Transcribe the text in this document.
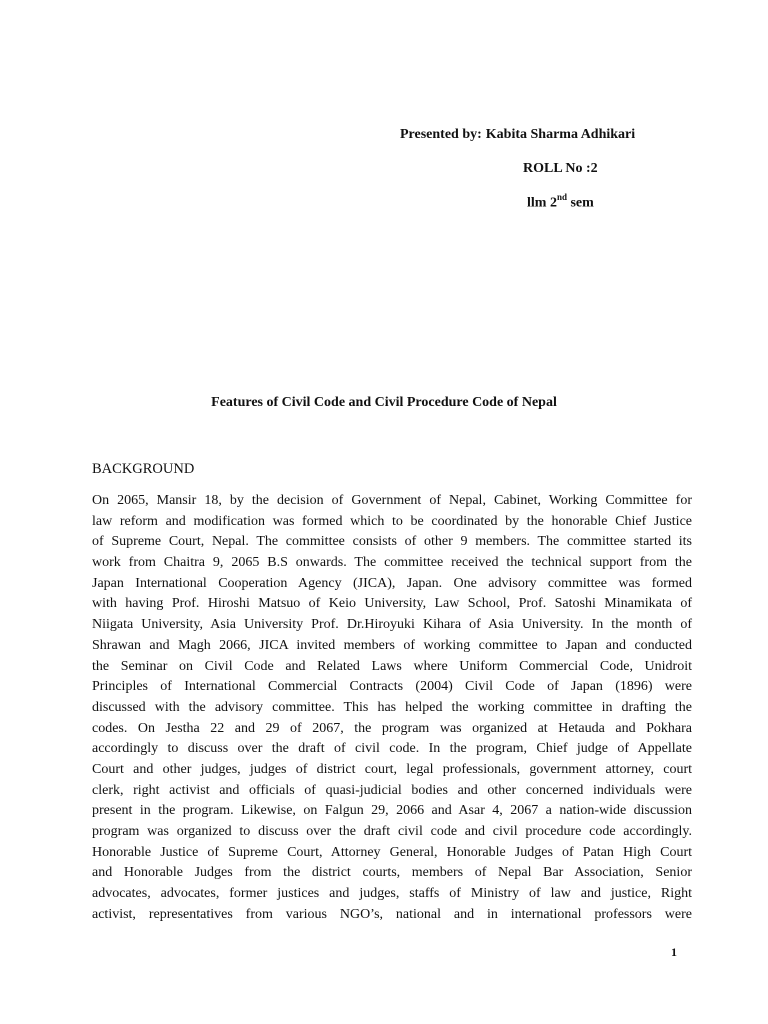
Presented by: Kabita Sharma Adhikari
ROLL No :2
llm 2nd sem
Features of Civil Code and Civil Procedure Code of Nepal
BACKGROUND
On 2065, Mansir 18, by the decision of Government of Nepal, Cabinet, Working Committee for
law reform and modification was formed which to be coordinated by the honorable Chief Justice
of Supreme Court, Nepal. The committee consists of other 9 members. The committee started its
work from Chaitra 9, 2065 B.S onwards. The committee received the technical support from the
Japan International Cooperation Agency (JICA), Japan. One advisory committee was formed
with having Prof. Hiroshi Matsuo of Keio University, Law School, Prof. Satoshi Minamikata of
Niigata University, Asia University Prof. Dr.Hiroyuki Kihara of Asia University. In the month of
Shrawan and Magh 2066, JICA invited members of working committee to Japan and conducted
the Seminar on Civil Code and Related Laws where Uniform Commercial Code, Unidroit
Principles of International Commercial Contracts (2004) Civil Code of Japan (1896) were
discussed with the advisory committee. This has helped the working committee in drafting the
codes. On Jestha 22 and 29 of 2067, the program was organized at Hetauda and Pokhara
accordingly to discuss over the draft of civil code. In the program, Chief judge of Appellate
Court and other judges, judges of district court, legal professionals, government attorney, court
clerk, right activist and officials of quasi-judicial bodies and other concerned individuals were
present in the program. Likewise, on Falgun 29, 2066 and Asar 4, 2067 a nation-wide discussion
program was organized to discuss over the draft civil code and civil procedure code accordingly.
Honorable Justice of Supreme Court, Attorney General, Honorable Judges of Patan High Court
and Honorable Judges from the district courts, members of Nepal Bar Association, Senior
advocates, advocates, former justices and judges, staffs of Ministry of law and justice, Right
activist, representatives from various NGO’s, national and in international professors were
1
